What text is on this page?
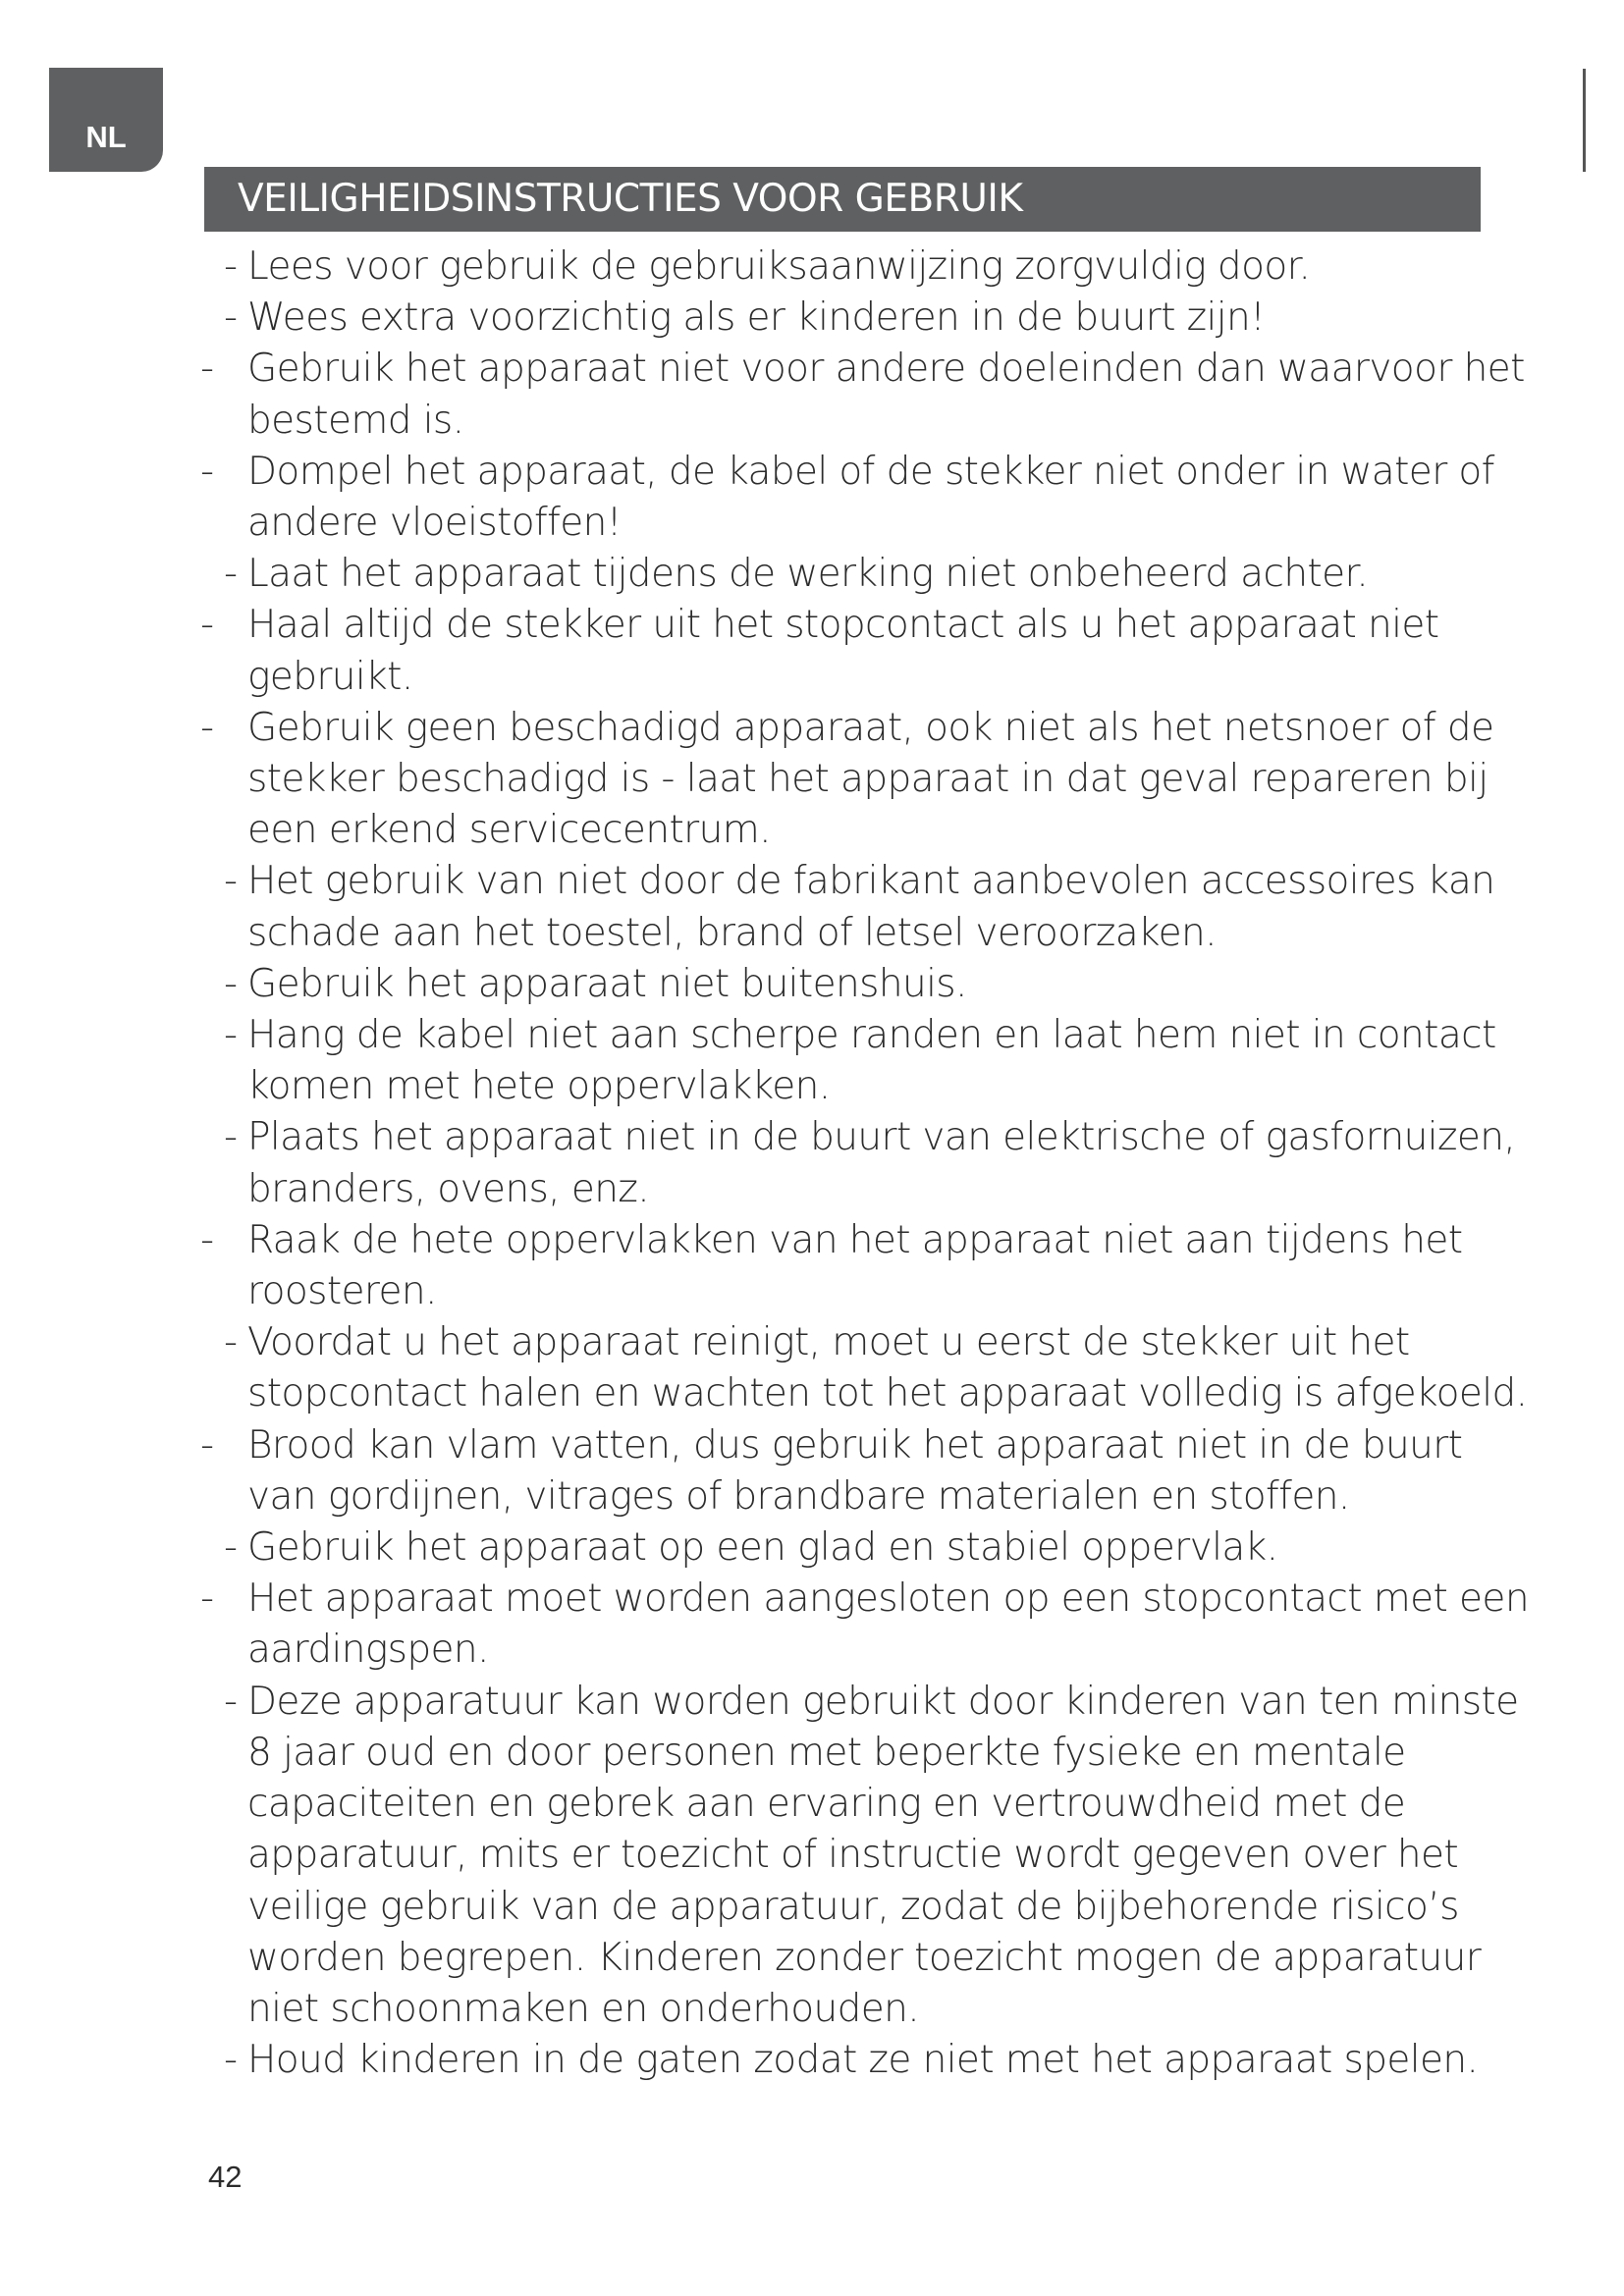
NL
VEILIGHEIDSINSTRUCTIES VOOR GEBRUIK
- Lees voor gebruik de gebruiksaanwijzing zorgvuldig door.
- Wees extra voorzichtig als er kinderen in de buurt zijn!
- Gebruik het apparaat niet voor andere doeleinden dan waarvoor het bestemd is.
- Dompel het apparaat, de kabel of de stekker niet onder in water of andere vloeistoffen!
- Laat het apparaat tijdens de werking niet onbeheerd achter.
- Haal altijd de stekker uit het stopcontact als u het apparaat niet gebruikt.
- Gebruik geen beschadigd apparaat, ook niet als het netsnoer of de stekker beschadigd is - laat het apparaat in dat geval repareren bij een erkend servicecentrum.
- Het gebruik van niet door de fabrikant aanbevolen accessoires kan schade aan het toestel, brand of letsel veroorzaken.
- Gebruik het apparaat niet buitenshuis.
- Hang de kabel niet aan scherpe randen en laat hem niet in contact komen met hete oppervlakken.
- Plaats het apparaat niet in de buurt van elektrische of gasfornuizen, branders, ovens, enz.
- Raak de hete oppervlakken van het apparaat niet aan tijdens het roosteren.
- Voordat u het apparaat reinigt, moet u eerst de stekker uit het stopcontact halen en wachten tot het apparaat volledig is afgekoeld.
- Brood kan vlam vatten, dus gebruik het apparaat niet in de buurt van gordijnen, vitrages of brandbare materialen en stoffen.
- Gebruik het apparaat op een glad en stabiel oppervlak.
- Het apparaat moet worden aangesloten op een stopcontact met een aardingspen.
- Deze apparatuur kan worden gebruikt door kinderen van ten minste 8 jaar oud en door personen met beperkte fysieke en mentale capaciteiten en gebrek aan ervaring en vertrouwdheid met de apparatuur, mits er toezicht of instructie wordt gegeven over het veilige gebruik van de apparatuur, zodat de bijbehorende risico’s worden begrepen. Kinderen zonder toezicht mogen de apparatuur niet schoonmaken en onderhouden.
- Houd kinderen in de gaten zodat ze niet met het apparaat spelen.
42
